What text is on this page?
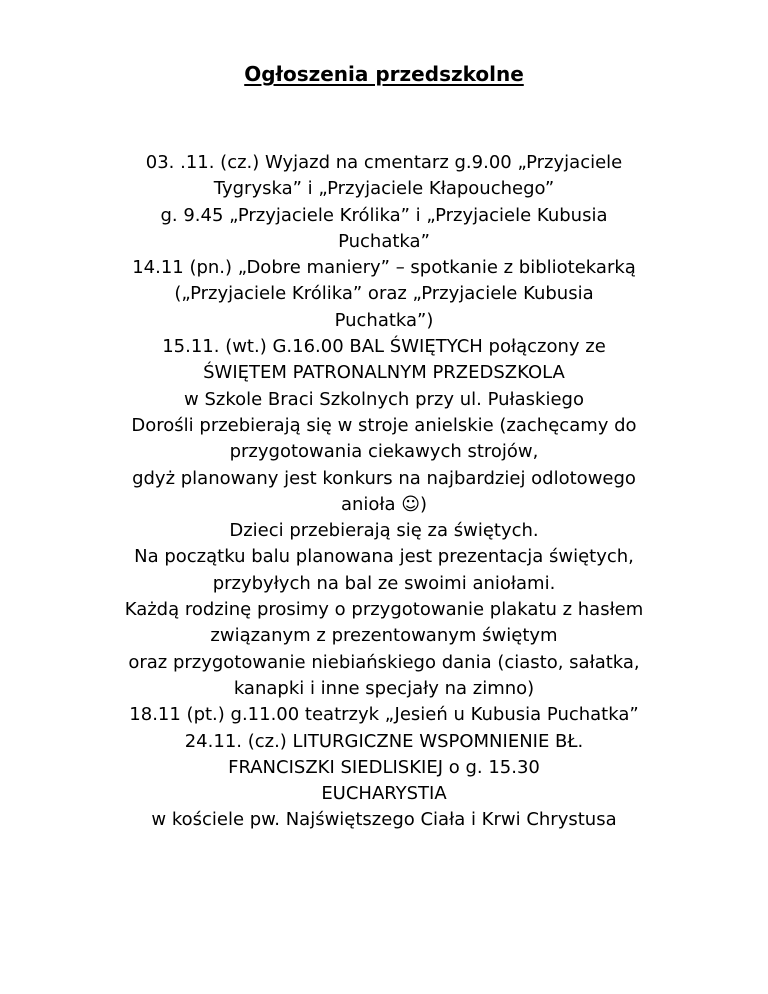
Ogłoszenia przedszkolne
03. .11. (cz.) Wyjazd na cmentarz g.9.00 „Przyjaciele
Tygryska” i „Przyjaciele Kłapouchego”
g. 9.45 „Przyjaciele Królika” i „Przyjaciele Kubusia
Puchatka”
14.11 (pn.) „Dobre maniery” – spotkanie z bibliotekarką
(„Przyjaciele Królika” oraz „Przyjaciele Kubusia
Puchatka”)
15.11. (wt.) G.16.00 BAL ŚWIĘTYCH połączony ze
ŚWIĘTEM PATRONALNYM PRZEDSZKOLA
w Szkole Braci Szkolnych przy ul. Pułaskiego
Dorośli przebierają się w stroje anielskie (zachęcamy do
przygotowania ciekawych strojów,
gdyż planowany jest konkurs na najbardziej odlotowego
anioła ☺)
Dzieci przebierają się za świętych.
Na początku balu planowana jest prezentacja świętych,
przybyłych na bal ze swoimi aniołami.
Każdą rodzinę prosimy o przygotowanie plakatu z hasłem
związanym z prezentowanym świętym
oraz przygotowanie niebiańskiego dania (ciasto, sałatka,
kanapki i inne specjały na zimno)
18.11 (pt.) g.11.00 teatrzyk „Jesień u Kubusia Puchatka”
24.11. (cz.) LITURGICZNE WSPOMNIENIE BŁ.
FRANCISZKI SIEDLISKIEJ o g. 15.30
EUCHARYSTIA
w kościele pw. Najświętszego Ciała i Krwi Chrystusa
